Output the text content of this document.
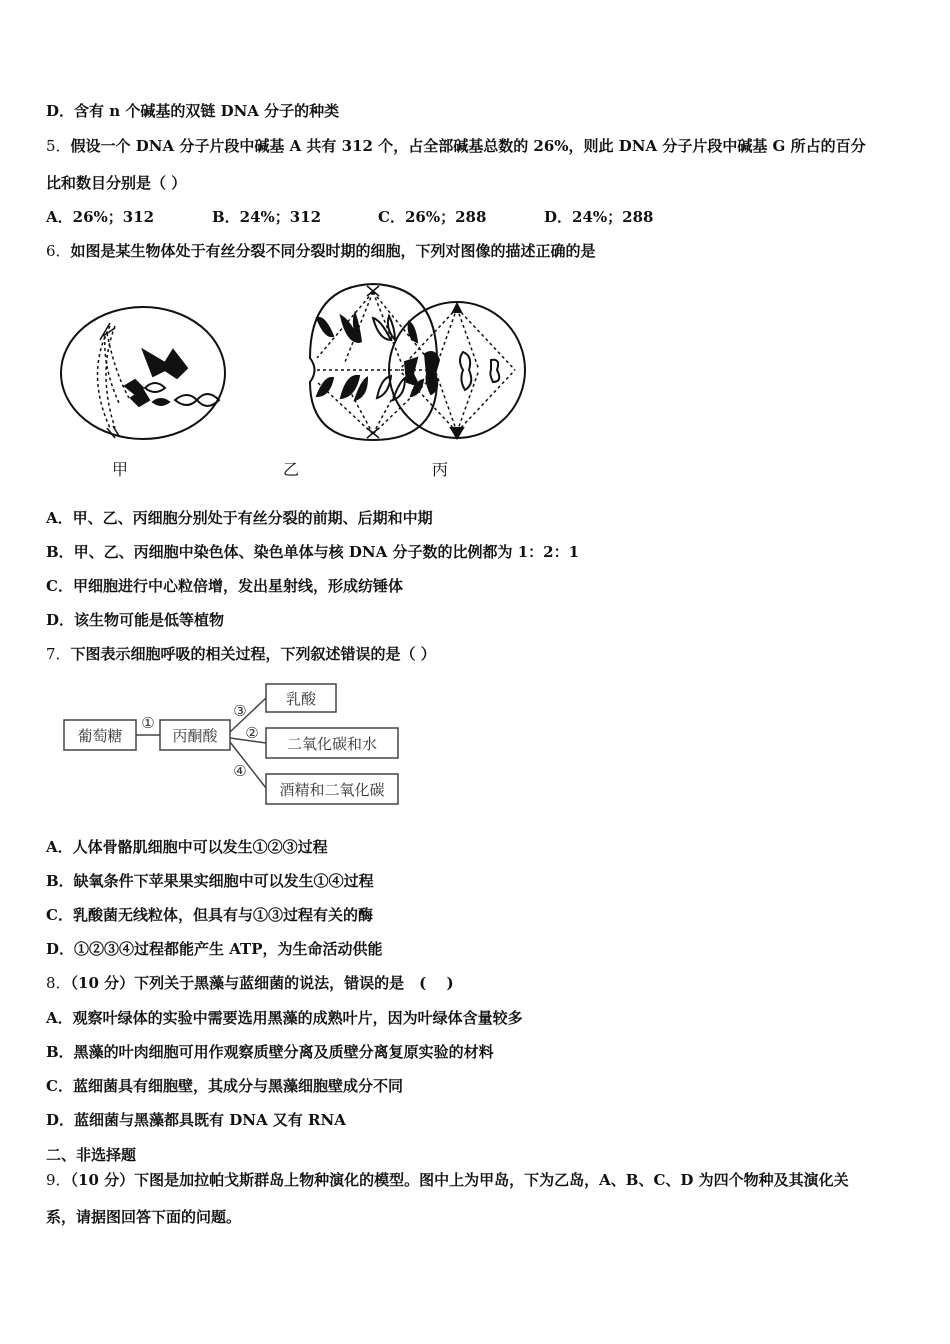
D．含有 n 个碱基的双链 DNA 分子的种类
5．假设一个 DNA 分子片段中碱基 A 共有 312 个，占全部碱基总数的 26%，则此 DNA 分子片段中碱基 G 所占的百分
比和数目分别是（ ）
A．26%；312	B．24%；312	C．26%；288	D．24%；288
6．如图是某生物体处于有丝分裂不同分裂时期的细胞，下列对图像的描述正确的是
甲	乙	丙
A．甲、乙、丙细胞分别处于有丝分裂的前期、后期和中期
B．甲、乙、丙细胞中染色体、染色单体与核 DNA 分子数的比例都为 1：2：1
C．甲细胞进行中心粒倍增，发出星射线，形成纺锤体
D．该生物可能是低等植物
7．下图表示细胞呼吸的相关过程，下列叙述错误的是（ ）
葡萄糖	丙酮酸
乳酸
二氧化碳和水
酒精和二氧化碳
①
②
③
④
A．人体骨骼肌细胞中可以发生①②③过程
B．缺氧条件下苹果果实细胞中可以发生①④过程
C．乳酸菌无线粒体，但具有与①③过程有关的酶
D．①②③④过程都能产生 ATP，为生命活动供能
8．（10 分）下列关于黑藻与蓝细菌的说法，错误的是　( 　)
A．观察叶绿体的实验中需要选用黑藻的成熟叶片，因为叶绿体含量较多
B．黑藻的叶肉细胞可用作观察质壁分离及质壁分离复原实验的材料
C．蓝细菌具有细胞壁，其成分与黑藻细胞壁成分不同
D．蓝细菌与黑藻都具既有 DNA 又有 RNA
二、非选择题
9．（10 分）下图是加拉帕戈斯群岛上物种演化的模型。图中上为甲岛，下为乙岛，A、B、C、D 为四个物种及其演化关
系，请据图回答下面的问题。
